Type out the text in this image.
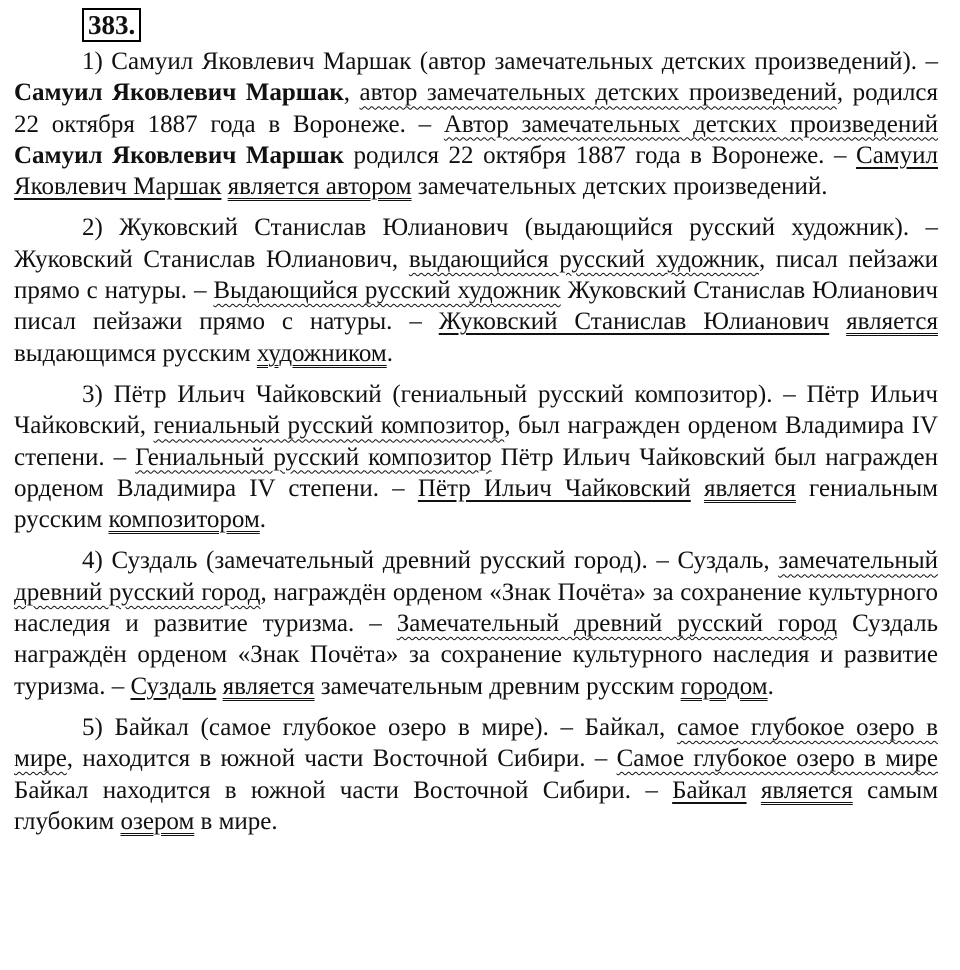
383.

1) Самуил Яковлевич Маршак (автор замечательных детских произведений). – Самуил Яковлевич Маршак, автор замечательных детских произведений, родился 22 октября 1887 года в Воронеже. – Автор замечательных детских произведений Самуил Яковлевич Маршак родился 22 октября 1887 года в Воронеже. – Самуил Яковлевич Маршак является автором замечательных детских произведений.

2) Жуковский Станислав Юлианович (выдающийся русский художник). – Жуковский Станислав Юлианович, выдающийся русский художник, писал пейзажи прямо с натуры. – Выдающийся русский художник Жуковский Станислав Юлианович писал пейзажи прямо с натуры. – Жуковский Станислав Юлианович является выдающимся русским художником.

3) Пётр Ильич Чайковский (гениальный русский композитор). – Пётр Ильич Чайковский, гениальный русский композитор, был награжден орденом Владимира IV степени. – Гениальный русский композитор Пётр Ильич Чайковский был награжден орденом Владимира IV степени. – Пётр Ильич Чайковский является гениальным русским композитором.

4) Суздаль (замечательный древний русский город). – Суздаль, замечательный древний русский город, награждён орденом «Знак Почёта» за сохранение культурного наследия и развитие туризма. – Замечательный древний русский город Суздаль награждён орденом «Знак Почёта» за сохранение культурного наследия и развитие туризма. – Суздаль является замечательным древним русским городом.

5) Байкал (самое глубокое озеро в мире). – Байкал, самое глубокое озеро в мире, находится в южной части Восточной Сибири. – Самое глубокое озеро в мире Байкал находится в южной части Восточной Сибири. – Байкал является самым глубоким озером в мире.
